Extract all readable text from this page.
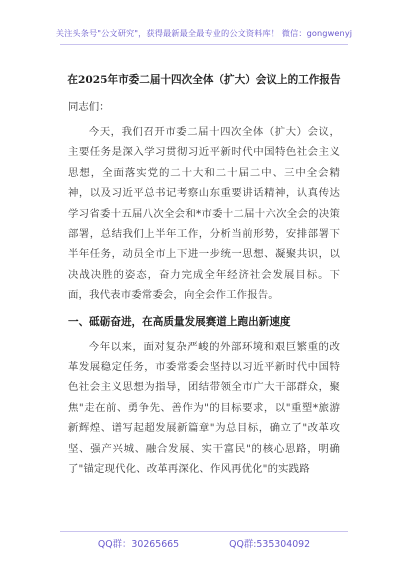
关注头条号"公文研究"，获得最新最全最专业的公文资料库！ 微信：gongwenyj
在2025年市委二届十四次全体（扩大）会议上的工作报告
同志们：

今天，我们召开市委二届十四次全体（扩大）会议，主要任务是深入学习贯彻习近平新时代中国特色社会主义思想，全面落实党的二十大和二十届二中、三中全会精神，以及习近平总书记考察山东重要讲话精神，认真传达学习省委十五届八次全会和*市委十二届十六次全会的决策部署，总结我们上半年工作，分析当前形势，安排部署下半年任务，动员全市上下进一步统一思想、凝聚共识，以决战决胜的姿态，奋力完成全年经济社会发展目标。下面，我代表市委常委会，向全会作工作报告。

一、砥砺奋进，在高质量发展赛道上跑出新速度

今年以来，面对复杂严峻的外部环境和艰巨繁重的改革发展稳定任务，市委常委会坚持以习近平新时代中国特色社会主义思想为指导，团结带领全市广大干部群众，聚焦"走在前、勇争先、善作为"的目标要求，以"重塑*旅游新辉煌、谱写起超发展新篇章"为总目标，确立了"改革攻坚、强产兴城、融合发展、实干富民"的核心思路，明确了"锚定现代化、改革再深化、作风再优化"的实践路

QQ群：30265665	QQ群:535304092
